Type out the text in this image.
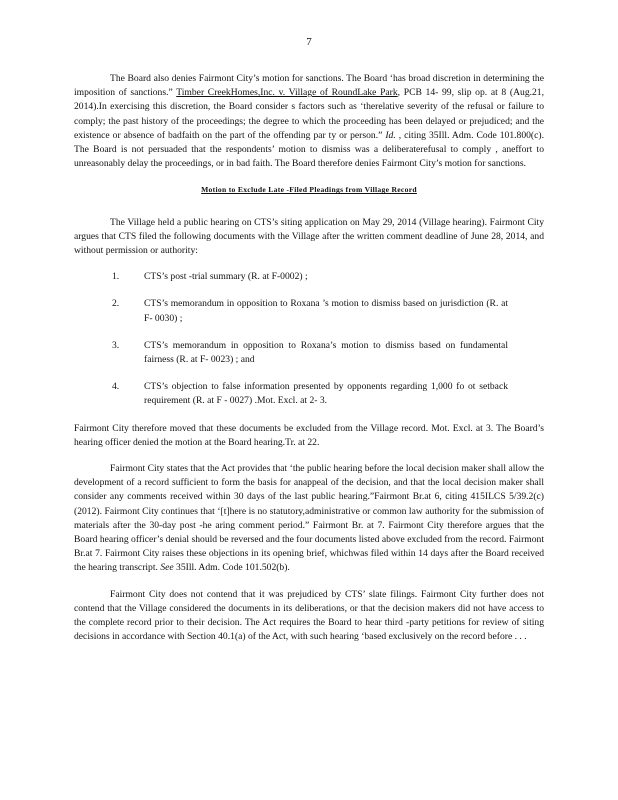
7

The Board also denies Fairmont City’s motion for sanctions. The Board ‘has broad discretion in determining the imposition of sanctions.” Timber CreekHomes,Inc. v. Village of RoundLake Park, PCB 14- 99, slip op. at 8 (Aug.21, 2014).In exercising this discretion, the Board consider s factors such as ‘therelative severity of the refusal or failure to comply; the past history of the proceedings; the degree to which the proceeding has been delayed or prejudiced; and the existence or absence of badfaith on the part of the offending par ty or person.” Id. , citing 35Ill. Adm. Code 101.800(c). The Board is not persuaded that the respondents’ motion to dismiss was a deliberaterefusal to comply , aneffort to unreasonably delay the proceedings, or in bad faith. The Board therefore denies Fairmont City’s motion for sanctions.

Motion to Exclude Late -Filed Pleadings from Village Record

The Village held a public hearing on CTS’s siting application on May 29, 2014 (Village hearing). Fairmont City argues that CTS filed the following documents with the Village after the written comment deadline of June 28, 2014, and without permission or authority:

1.	CTS’s post -trial summary (R. at F-0002) ;
2.	CTS’s memorandum in opposition to Roxana ’s motion to dismiss based on jurisdiction (R. at F- 0030) ;
3.	CTS’s memorandum in opposition to Roxana’s motion to dismiss based on fundamental fairness (R. at F- 0023) ; and
4.	CTS’s objection to false information presented by opponents regarding 1,000 fo ot setback requirement (R. at F - 0027) .Mot. Excl. at 2- 3.

Fairmont City therefore moved that these documents be excluded from the Village record. Mot. Excl. at 3. The Board’s hearing officer denied the motion at the Board hearing.Tr. at 22.

Fairmont City states that the Act provides that ‘the public hearing before the local decision maker shall allow the development of a record sufficient to form the basis for anappeal of the decision, and that the local decision maker shall consider any comments received within 30 days of the last public hearing.”Fairmont Br.at 6, citing 415ILCS 5/39.2(c) (2012). Fairmont City continues that ‘[t]here is no statutory,administrative or common law authority for the submission of materials after the 30-day post -he aring comment period.” Fairmont Br. at 7. Fairmont City therefore argues that the Board hearing officer’s denial should be reversed and the four documents listed above excluded from the record. Fairmont Br.at 7. Fairmont City raises these objections in its opening brief, whichwas filed within 14 days after the Board received the hearing transcript. See 35Ill. Adm. Code 101.502(b).

Fairmont City does not contend that it was prejudiced by CTS’ slate filings. Fairmont City further does not contend that the Village considered the documents in its deliberations, or that the decision makers did not have access to the complete record prior to their decision. The Act requires the Board to hear third -party petitions for review of siting decisions in accordance with Section 40.1(a) of the Act, with such hearing ‘based exclusively on the record before . . .
